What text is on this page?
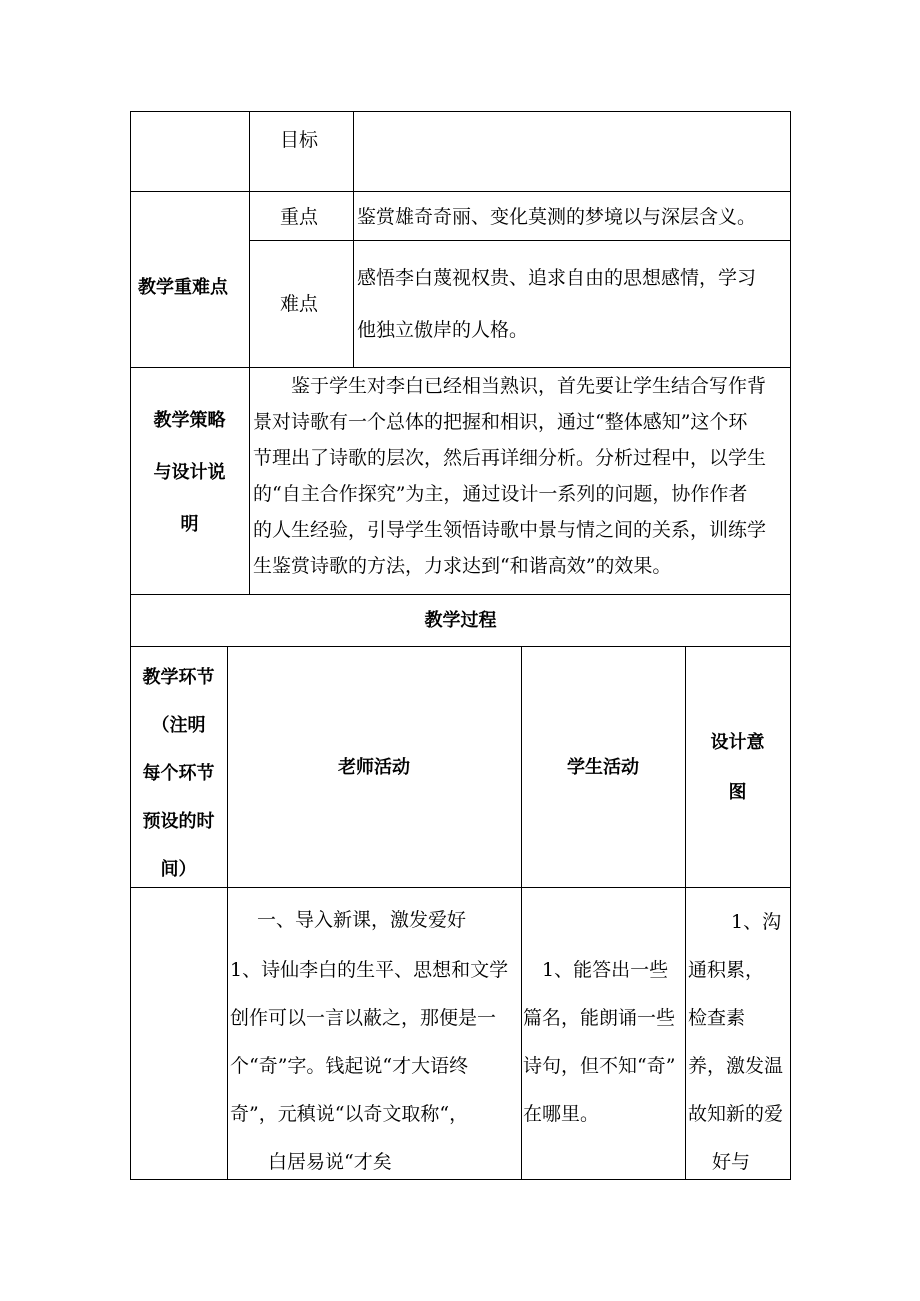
目标
教学重难点
重点 鉴赏雄奇奇丽、变化莫测的梦境以与深层含义。
难点
感悟李白蔑视权贵、追求自由的思想感情，学习
他独立傲岸的人格。
教学策略
与设计说
明
　　鉴于学生对李白已经相当熟识，首先要让学生结合写作背
景对诗歌有一个总体的把握和相识，通过“整体感知”这个环
节理出了诗歌的层次，然后再详细分析。分析过程中，以学生
的“自主合作探究”为主，通过设计一系列的问题，协作作者
的人生经验，引导学生领悟诗歌中景与情之间的关系，训练学
生鉴赏诗歌的方法，力求达到“和谐高效”的效果。
教学过程
教学环节
（注明
每个环节
预设的时
间）
老师活动	学生活动
设计意
图
　一、导入新课，激发爱好
1、诗仙李白的生平、思想和文学
创作可以一言以蔽之，那便是一
个“奇”字。钱起说“才大语终
奇”，元稹说“以奇文取称“，
　　白居易说“才矣
　1、能答出一些
篇名，能朗诵一些
诗句，但不知“奇”
在哪里。
　1、沟
通积累，
检查素
养，激发温
故知新的爱
好与
